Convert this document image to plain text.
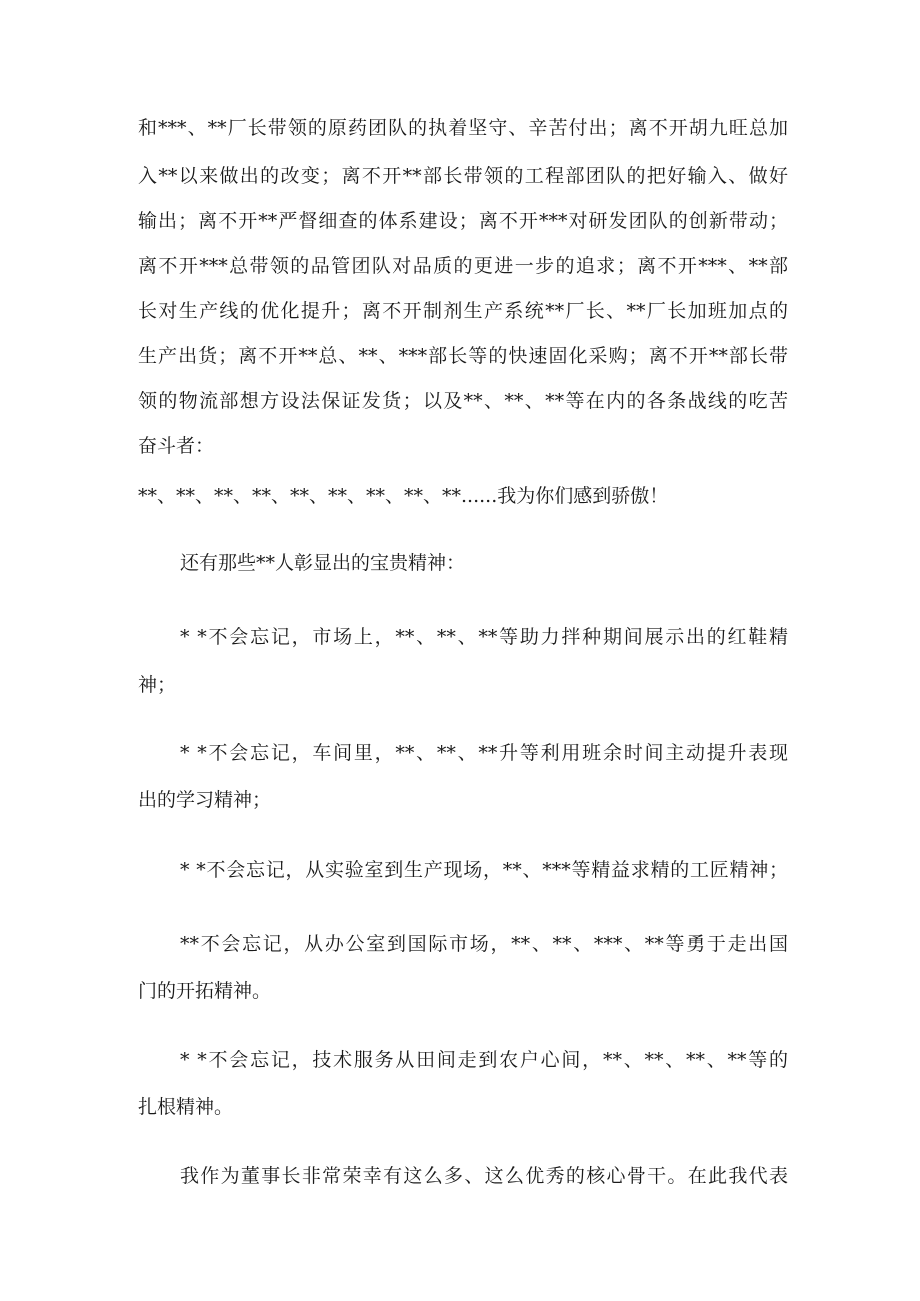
和***、**厂长带领的原药团队的执着坚守、辛苦付出；离不开胡九旺总加
入**以来做出的改变；离不开**部长带领的工程部团队的把好输入、做好
输出；离不开**严督细查的体系建设；离不开***对研发团队的创新带动；
离不开***总带领的品管团队对品质的更进一步的追求；离不开***、**部
长对生产线的优化提升；离不开制剂生产系统**厂长、**厂长加班加点的
生产出货；离不开**总、**、***部长等的快速固化采购；离不开**部长带
领的物流部想方设法保证发货；以及**、**、**等在内的各条战线的吃苦
奋斗者：
**、**、**、**、**、**、**、**、**......我为你们感到骄傲！
还有那些**人彰显出的宝贵精神：
* *不会忘记，市场上，**、**、**等助力拌种期间展示出的红鞋精
神；
* *不会忘记，车间里，**、**、**升等利用班余时间主动提升表现
出的学习精神；
* *不会忘记，从实验室到生产现场，**、***等精益求精的工匠精神；
**不会忘记，从办公室到国际市场，**、**、***、**等勇于走出国
门的开拓精神。
* *不会忘记，技术服务从田间走到农户心间，**、**、**、**等的
扎根精神。
我作为董事长非常荣幸有这么多、这么优秀的核心骨干。在此我代表
